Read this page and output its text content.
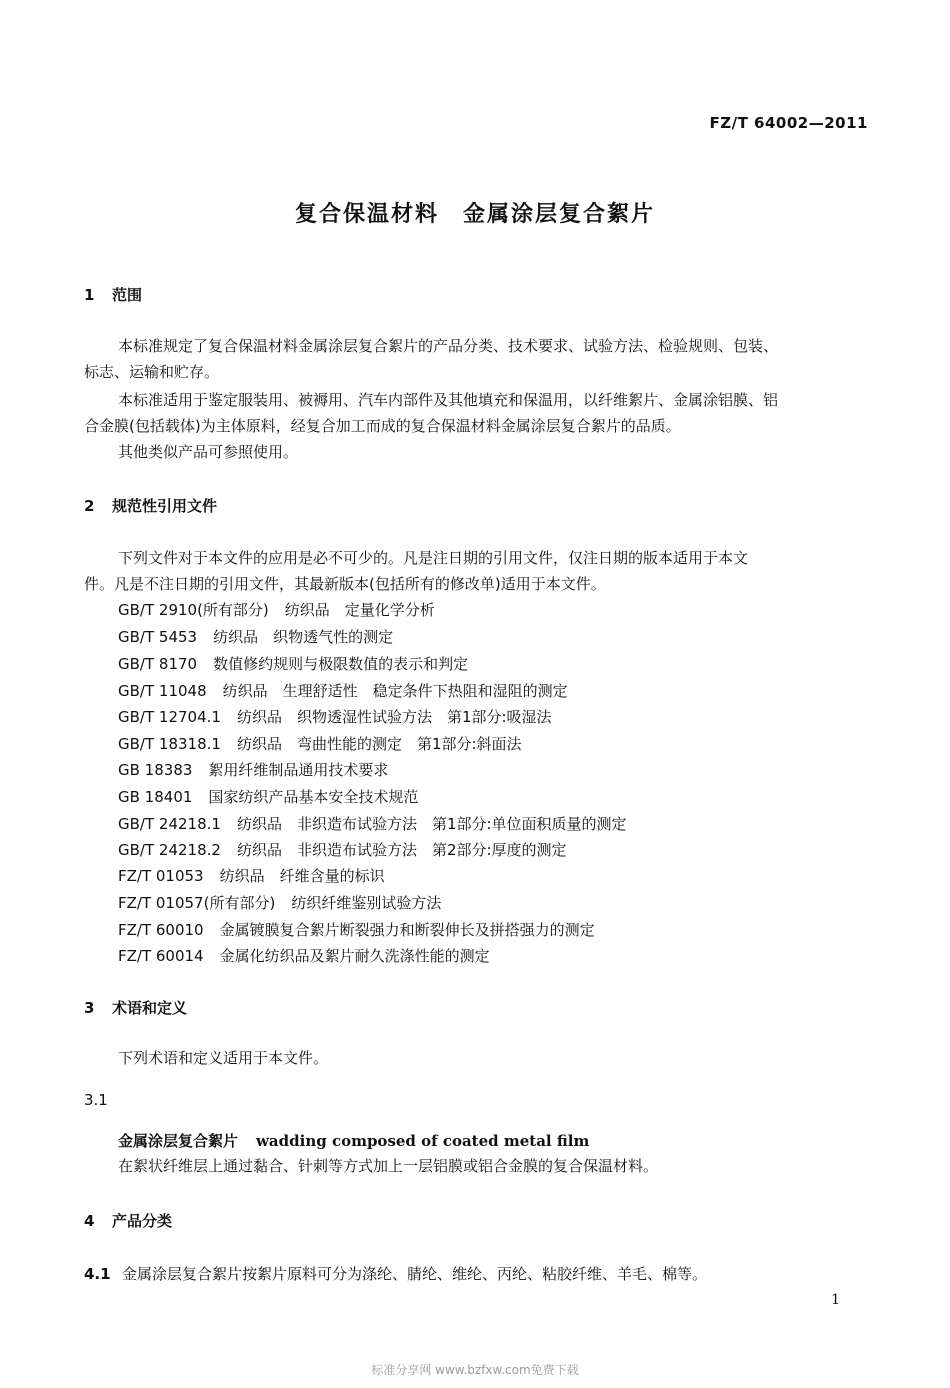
FZ/T 64002—2011
复合保温材料　金属涂层复合絮片
1 范围
本标准规定了复合保温材料金属涂层复合絮片的产品分类、技术要求、试验方法、检验规则、包装、
标志、运输和贮存。
本标准适用于鉴定服装用、被褥用、汽车内部件及其他填充和保温用，以纤维絮片、金属涂铝膜、铝
合金膜(包括载体)为主体原料，经复合加工而成的复合保温材料金属涂层复合絮片的品质。
其他类似产品可参照使用。
2 规范性引用文件
下列文件对于本文件的应用是必不可少的。凡是注日期的引用文件，仅注日期的版本适用于本文
件。凡是不注日期的引用文件，其最新版本(包括所有的修改单)适用于本文件。
GB/T 2910(所有部分) 纺织品　定量化学分析
GB/T 5453 纺织品　织物透气性的测定
GB/T 8170 数值修约规则与极限数值的表示和判定
GB/T 11048 纺织品　生理舒适性　稳定条件下热阻和湿阻的测定
GB/T 12704.1 纺织品　织物透湿性试验方法　第1部分:吸湿法
GB/T 18318.1 纺织品　弯曲性能的测定　第1部分:斜面法
GB 18383 絮用纤维制品通用技术要求
GB 18401 国家纺织产品基本安全技术规范
GB/T 24218.1 纺织品　非织造布试验方法　第1部分:单位面积质量的测定
GB/T 24218.2 纺织品　非织造布试验方法　第2部分:厚度的测定
FZ/T 01053 纺织品　纤维含量的标识
FZ/T 01057(所有部分) 纺织纤维鉴别试验方法
FZ/T 60010 金属镀膜复合絮片断裂强力和断裂伸长及拼搭强力的测定
FZ/T 60014 金属化纺织品及絮片耐久洗涤性能的测定
3 术语和定义
下列术语和定义适用于本文件。
3.1
金属涂层复合絮片 wadding composed of coated metal film
在絮状纤维层上通过黏合、针刺等方式加上一层铝膜或铝合金膜的复合保温材料。
4 产品分类
4.1 金属涂层复合絮片按絮片原料可分为涤纶、腈纶、维纶、丙纶、粘胶纤维、羊毛、棉等。
1
标准分享网 www.bzfxw.com免费下载
